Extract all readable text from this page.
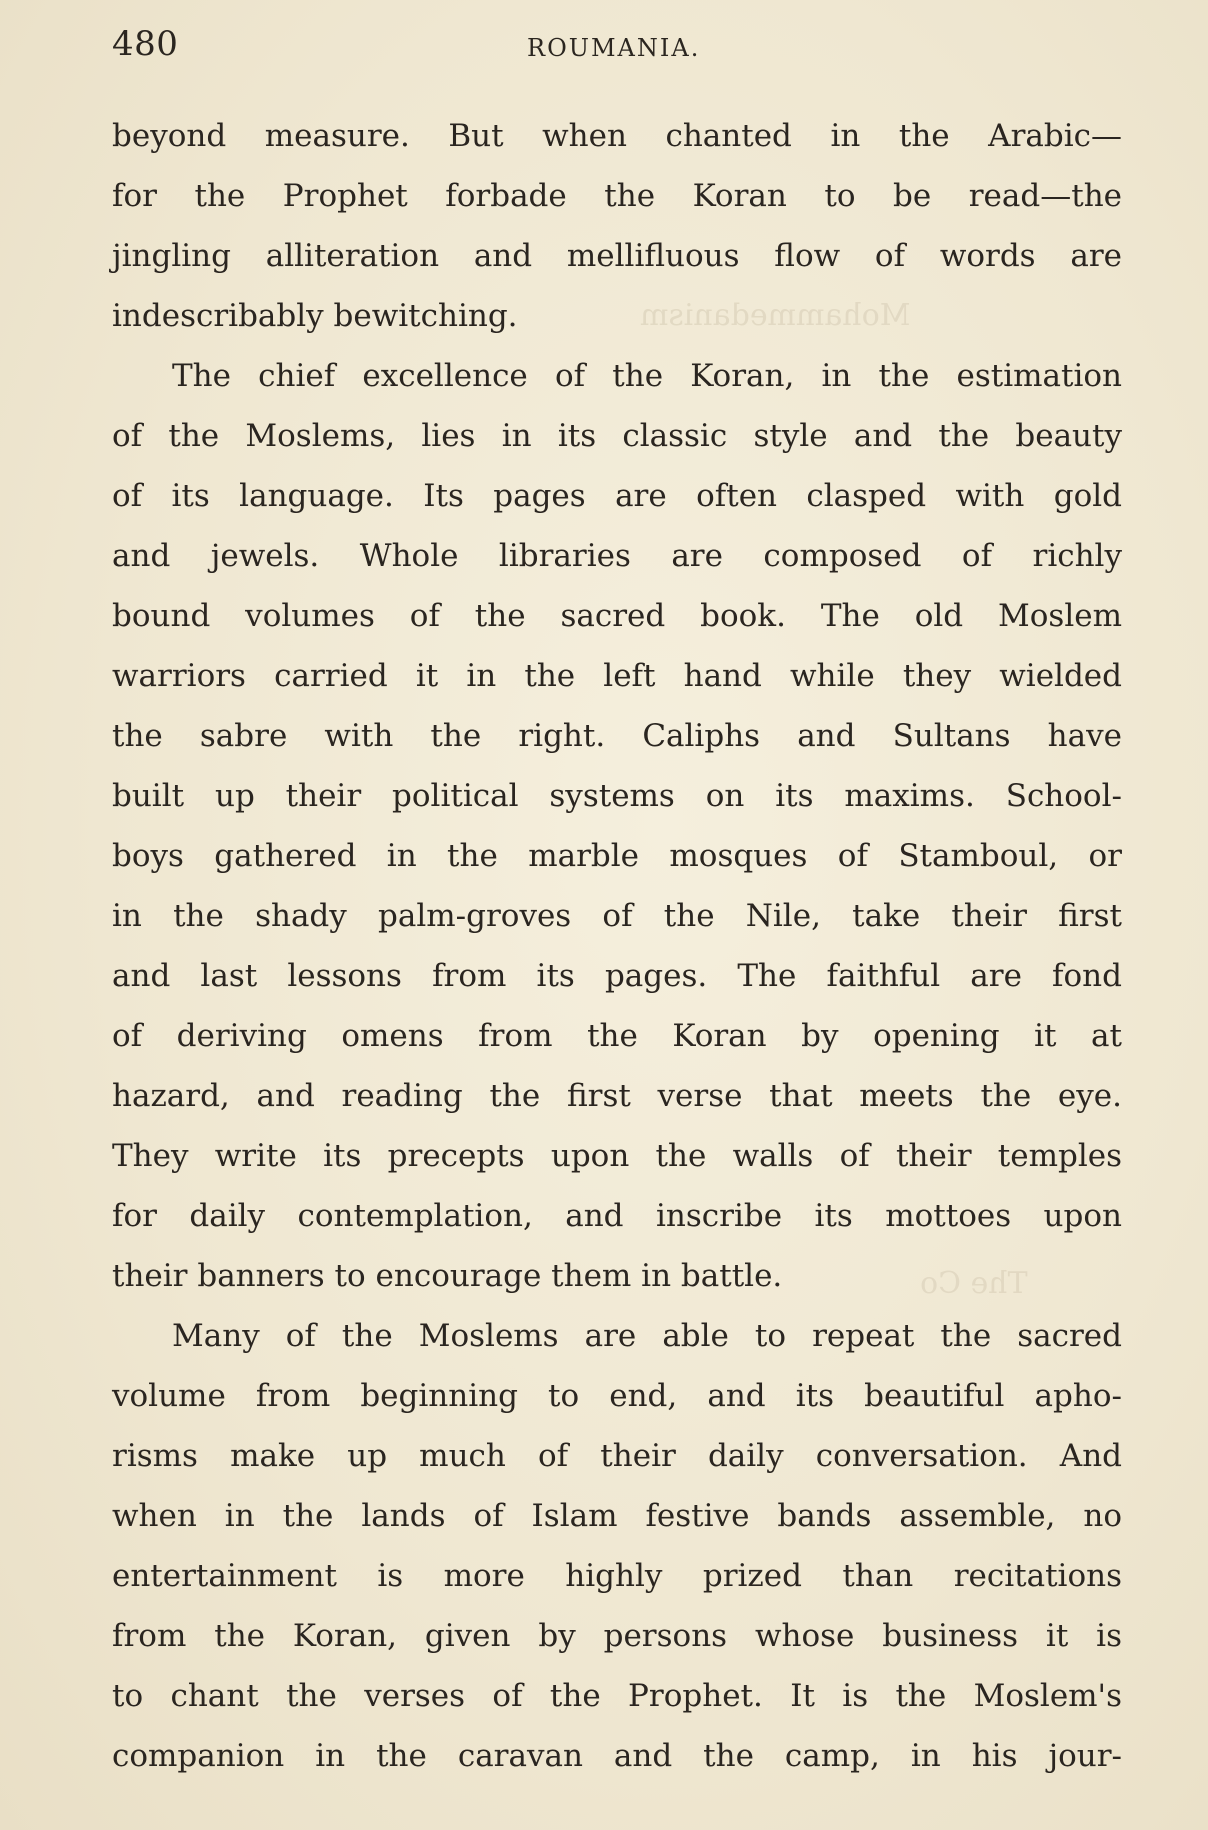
Mohammedanism
The Co
480	ROUMANIA.
beyond measure. But when chanted in the Arabic—
for the Prophet forbade the Koran to be read—the
jingling alliteration and mellifluous flow of words are
indescribably bewitching.
The chief excellence of the Koran, in the estimation
of the Moslems, lies in its classic style and the beauty
of its language. Its pages are often clasped with gold
and jewels. Whole libraries are composed of richly
bound volumes of the sacred book. The old Moslem
warriors carried it in the left hand while they wielded
the sabre with the right. Caliphs and Sultans have
built up their political systems on its maxims. School-
boys gathered in the marble mosques of Stamboul, or
in the shady palm-groves of the Nile, take their first
and last lessons from its pages. The faithful are fond
of deriving omens from the Koran by opening it at
hazard, and reading the first verse that meets the eye.
They write its precepts upon the walls of their temples
for daily contemplation, and inscribe its mottoes upon
their banners to encourage them in battle.
Many of the Moslems are able to repeat the sacred
volume from beginning to end, and its beautiful apho-
risms make up much of their daily conversation. And
when in the lands of Islam festive bands assemble, no
entertainment is more highly prized than recitations
from the Koran, given by persons whose business it is
to chant the verses of the Prophet. It is the Moslem's
companion in the caravan and the camp, in his jour-
